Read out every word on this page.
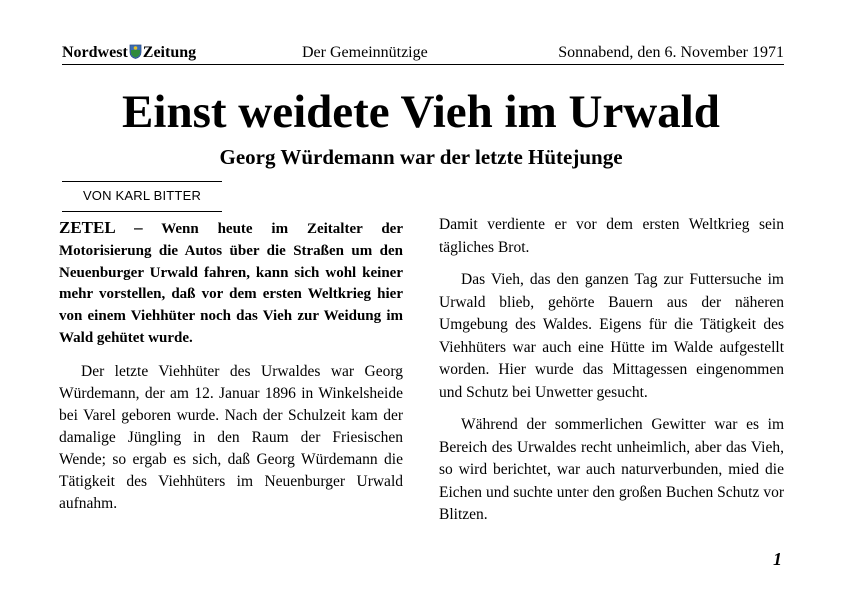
Nordwest Zeitung	Der Gemeinnützige	Sonnabend, den 6. November 1971
Einst weidete Vieh im Urwald
Georg Würdemann war der letzte Hütejunge
VON KARL BITTER

ZETEL – Wenn heute im Zeitalter der Motorisierung die Autos über die Straßen um den Neuenburger Urwald fahren, kann sich wohl keiner mehr vorstellen, daß vor dem ersten Weltkrieg hier von einem Viehhüter noch das Vieh zur Weidung im Wald gehütet wurde.

Der letzte Viehhüter des Urwaldes war Georg Würdemann, der am 12. Januar 1896 in Winkelsheide bei Varel geboren wurde. Nach der Schulzeit kam der damalige Jüngling in den Raum der Friesischen Wende; so ergab es sich, daß Georg Würdemann die Tätigkeit des Viehhüters im Neuenburger Urwald aufnahm.

Damit verdiente er vor dem ersten Weltkrieg sein tägliches Brot.

Das Vieh, das den ganzen Tag zur Futtersuche im Urwald blieb, gehörte Bauern aus der näheren Umgebung des Waldes. Eigens für die Tätigkeit des Viehhüters war auch eine Hütte im Walde aufgestellt worden. Hier wurde das Mittagessen eingenommen und Schutz bei Unwetter gesucht.

Während der sommerlichen Gewitter war es im Bereich des Urwaldes recht unheimlich, aber das Vieh, so wird berichtet, war auch naturverbunden, mied die Eichen und suchte unter den großen Buchen Schutz vor Blitzen.

1
